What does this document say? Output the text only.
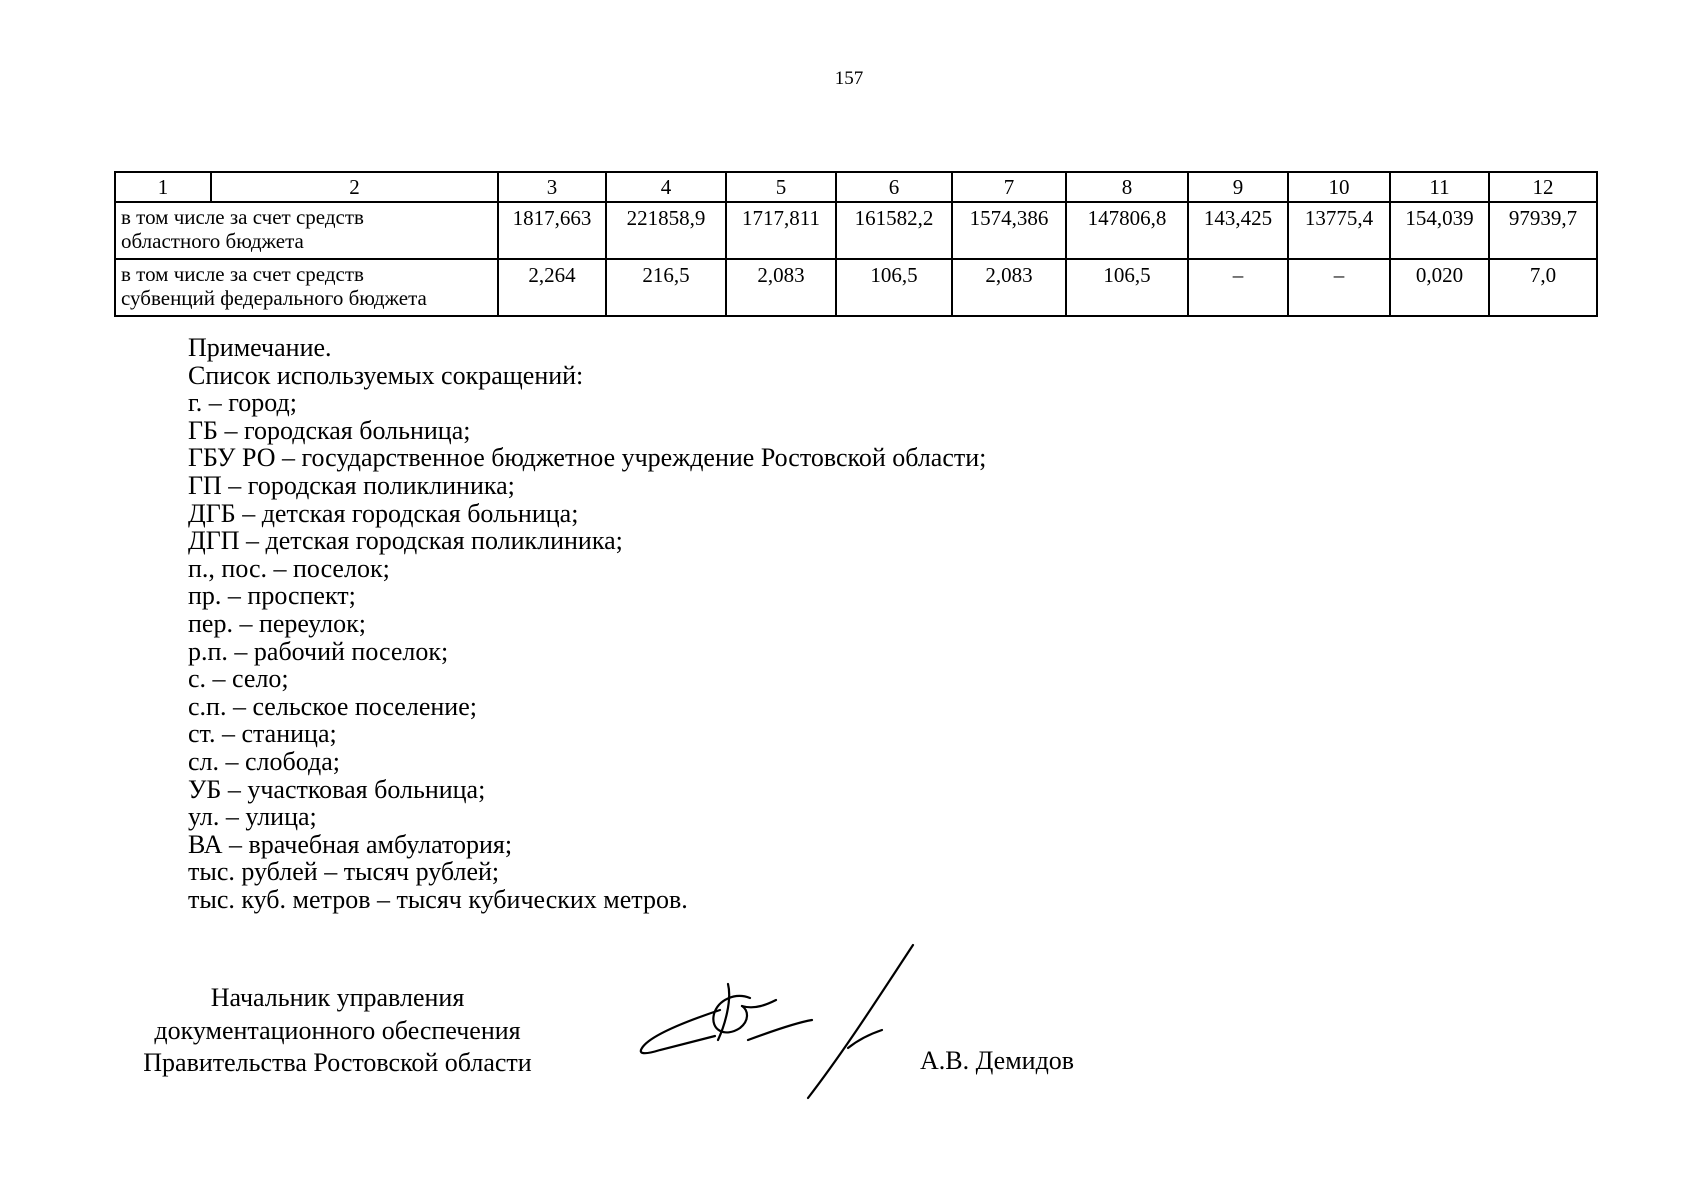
157
1	2	3	4	5	6	7	8	9	10	11	12

в том числе за счет средств
областного бюджета		1817,663	221858,9	1717,811	161582,2	1574,386	147806,8	143,425	13775,4	154,039	97939,7

в том числе за счет средств
субвенций федерального бюджета		2,264	216,5	2,083	106,5	2,083	106,5	–	–	0,020	7,0
Примечание.
Список используемых сокращений:
г. – город;
ГБ – городская больница;
ГБУ РО – государственное бюджетное учреждение Ростовской области;
ГП – городская поликлиника;
ДГБ – детская городская больница;
ДГП – детская городская поликлиника;
п., пос. – поселок;
пр. – проспект;
пер. – переулок;
р.п. – рабочий поселок;
с. – село;
с.п. – сельское поселение;
ст. – станица;
сл. – слобода;
УБ – участковая больница;
ул. – улица;
ВА – врачебная амбулатория;
тыс. рублей – тысяч рублей;
тыс. куб. метров – тысяч кубических метров.
Начальник управления
документационного обеспечения
Правительства Ростовской области	А.В. Демидов
